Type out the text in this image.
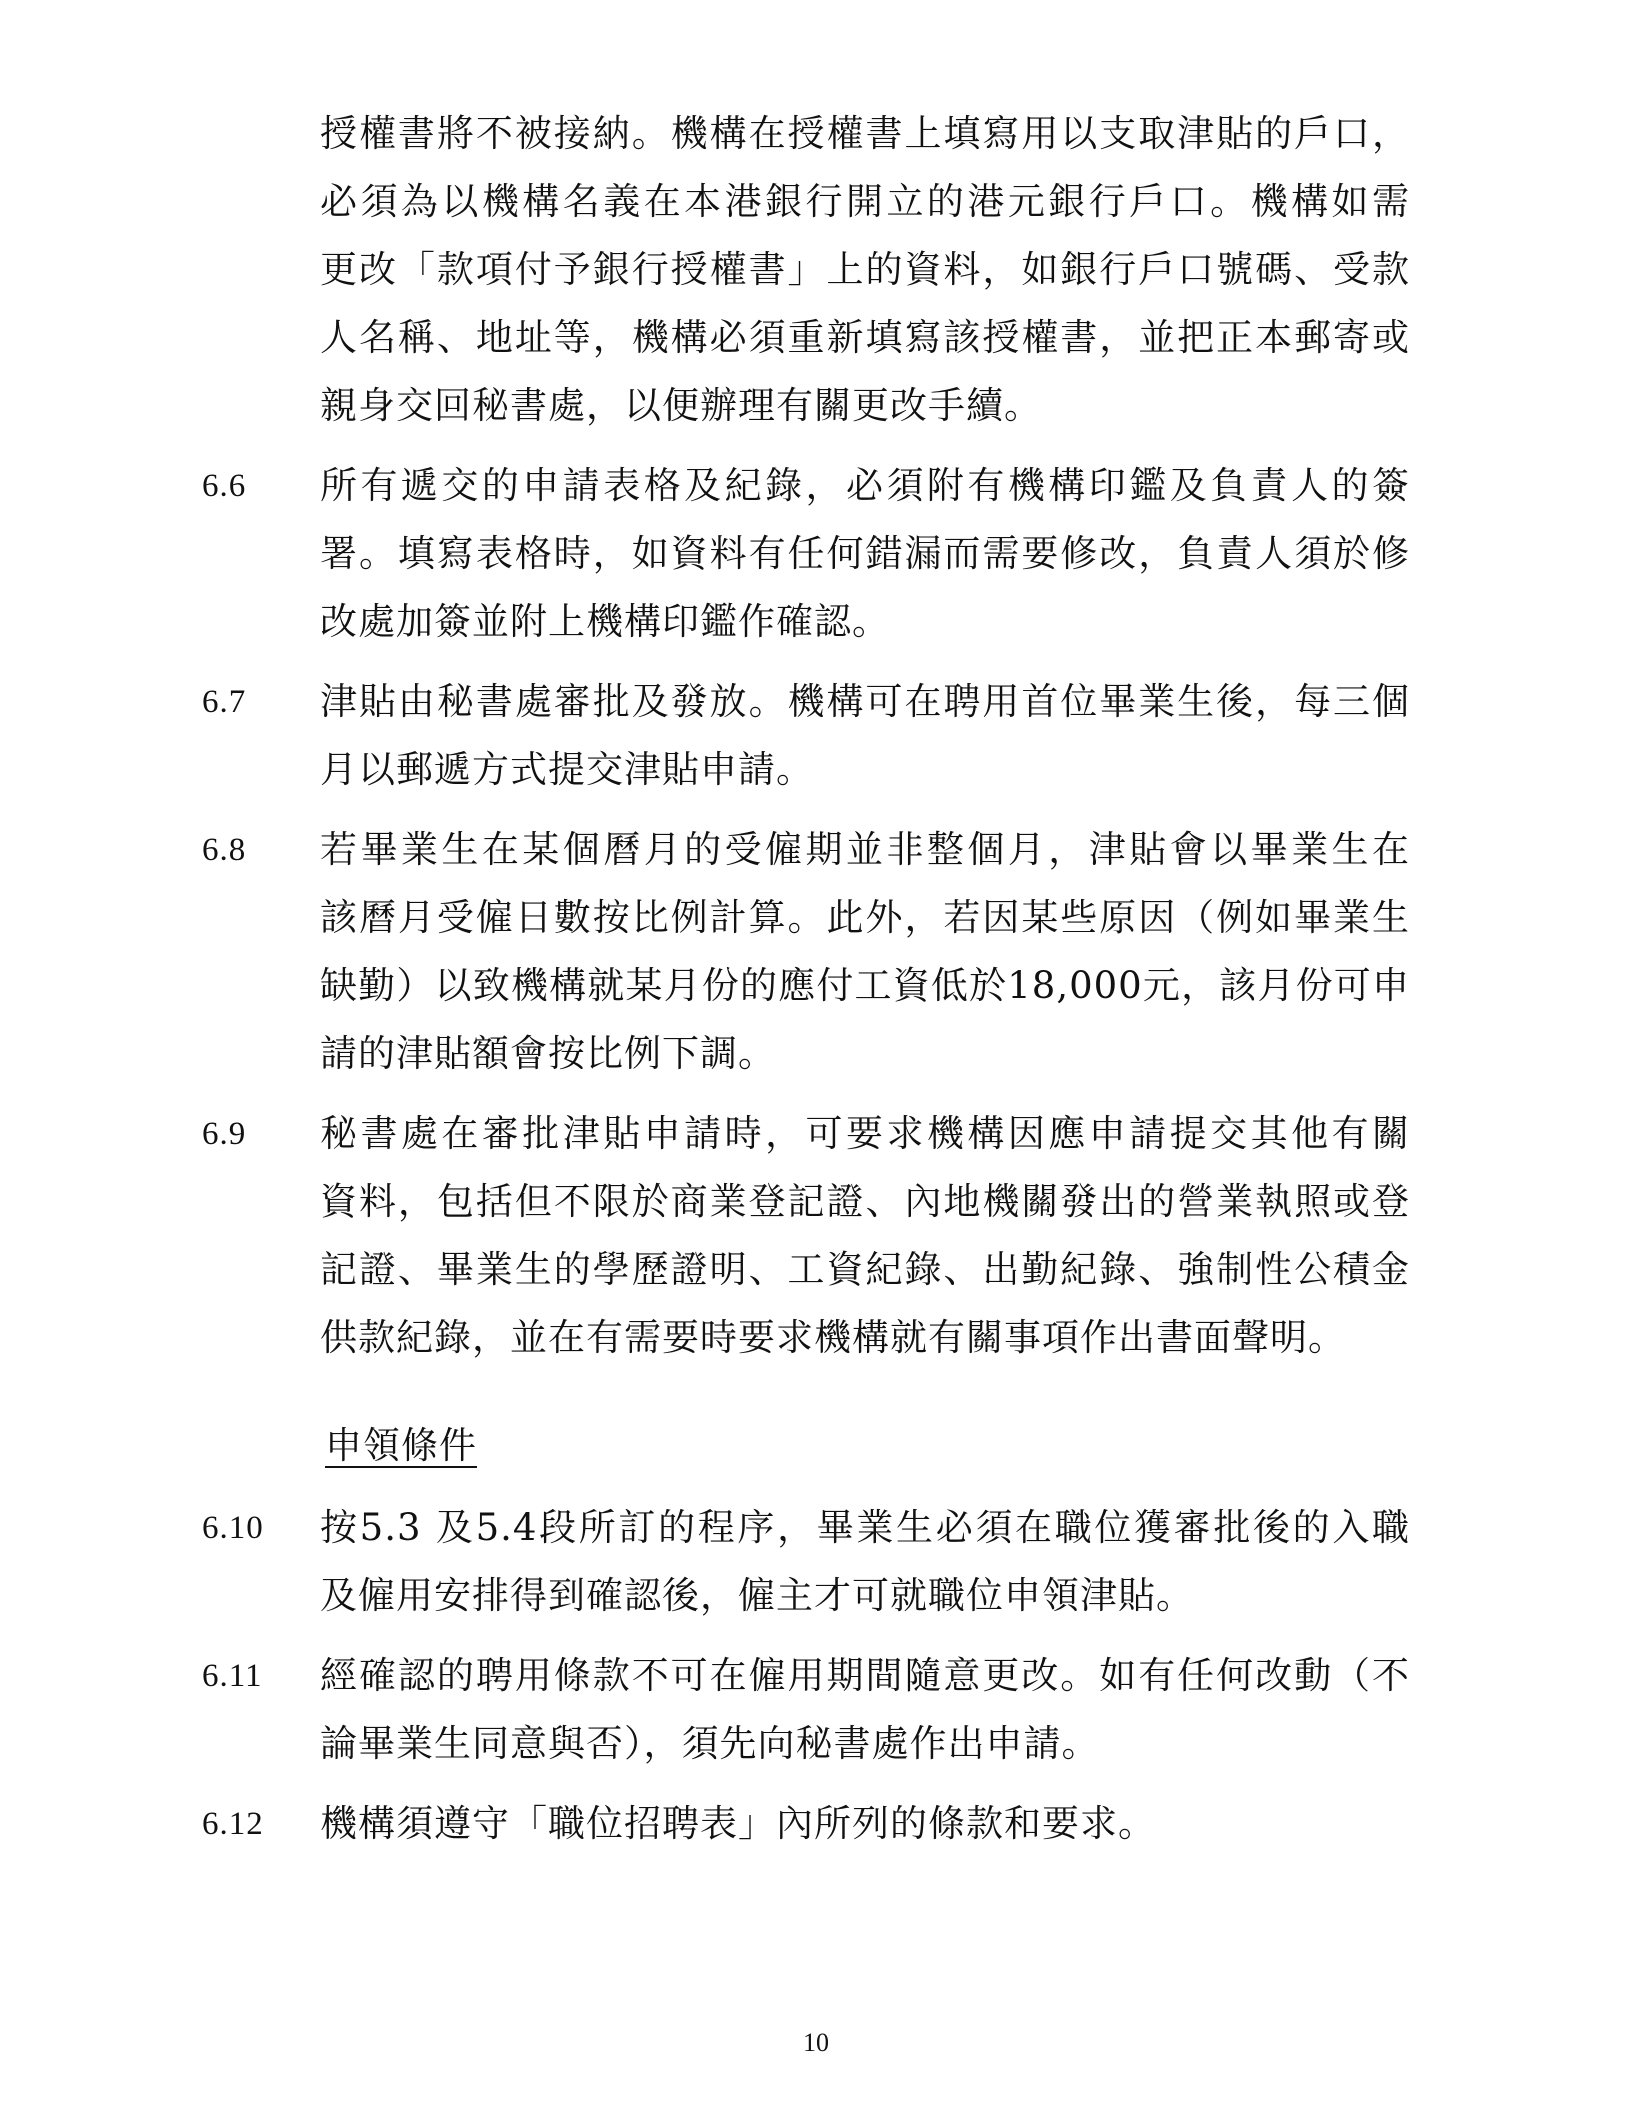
授權書將不被接納。機構在授權書上填寫用以支取津貼的戶口，
必須為以機構名義在本港銀行開立的港元銀行戶口。機構如需
更改「款項付予銀行授權書」上的資料，如銀行戶口號碼、受款
人名稱、地址等，機構必須重新填寫該授權書，並把正本郵寄或
親身交回秘書處，以便辦理有關更改手續。
6.6 所有遞交的申請表格及紀錄，必須附有機構印鑑及負責人的簽
署。填寫表格時，如資料有任何錯漏而需要修改，負責人須於修
改處加簽並附上機構印鑑作確認。
6.7 津貼由秘書處審批及發放。機構可在聘用首位畢業生後，每三個
月以郵遞方式提交津貼申請。
6.8 若畢業生在某個曆月的受僱期並非整個月，津貼會以畢業生在
該曆月受僱日數按比例計算。此外，若因某些原因（例如畢業生
缺勤）以致機構就某月份的應付工資低於18,000元，該月份可申
請的津貼額會按比例下調。
6.9 秘書處在審批津貼申請時，可要求機構因應申請提交其他有關
資料，包括但不限於商業登記證、內地機關發出的營業執照或登
記證、畢業生的學歷證明、工資紀錄、出勤紀錄、強制性公積金
供款紀錄，並在有需要時要求機構就有關事項作出書面聲明。
申領條件
6.10 按5.3 及5.4段所訂的程序，畢業生必須在職位獲審批後的入職
及僱用安排得到確認後，僱主才可就職位申領津貼。
6.11 經確認的聘用條款不可在僱用期間隨意更改。如有任何改動（不
論畢業生同意與否），須先向秘書處作出申請。
6.12 機構須遵守「職位招聘表」內所列的條款和要求。
10
